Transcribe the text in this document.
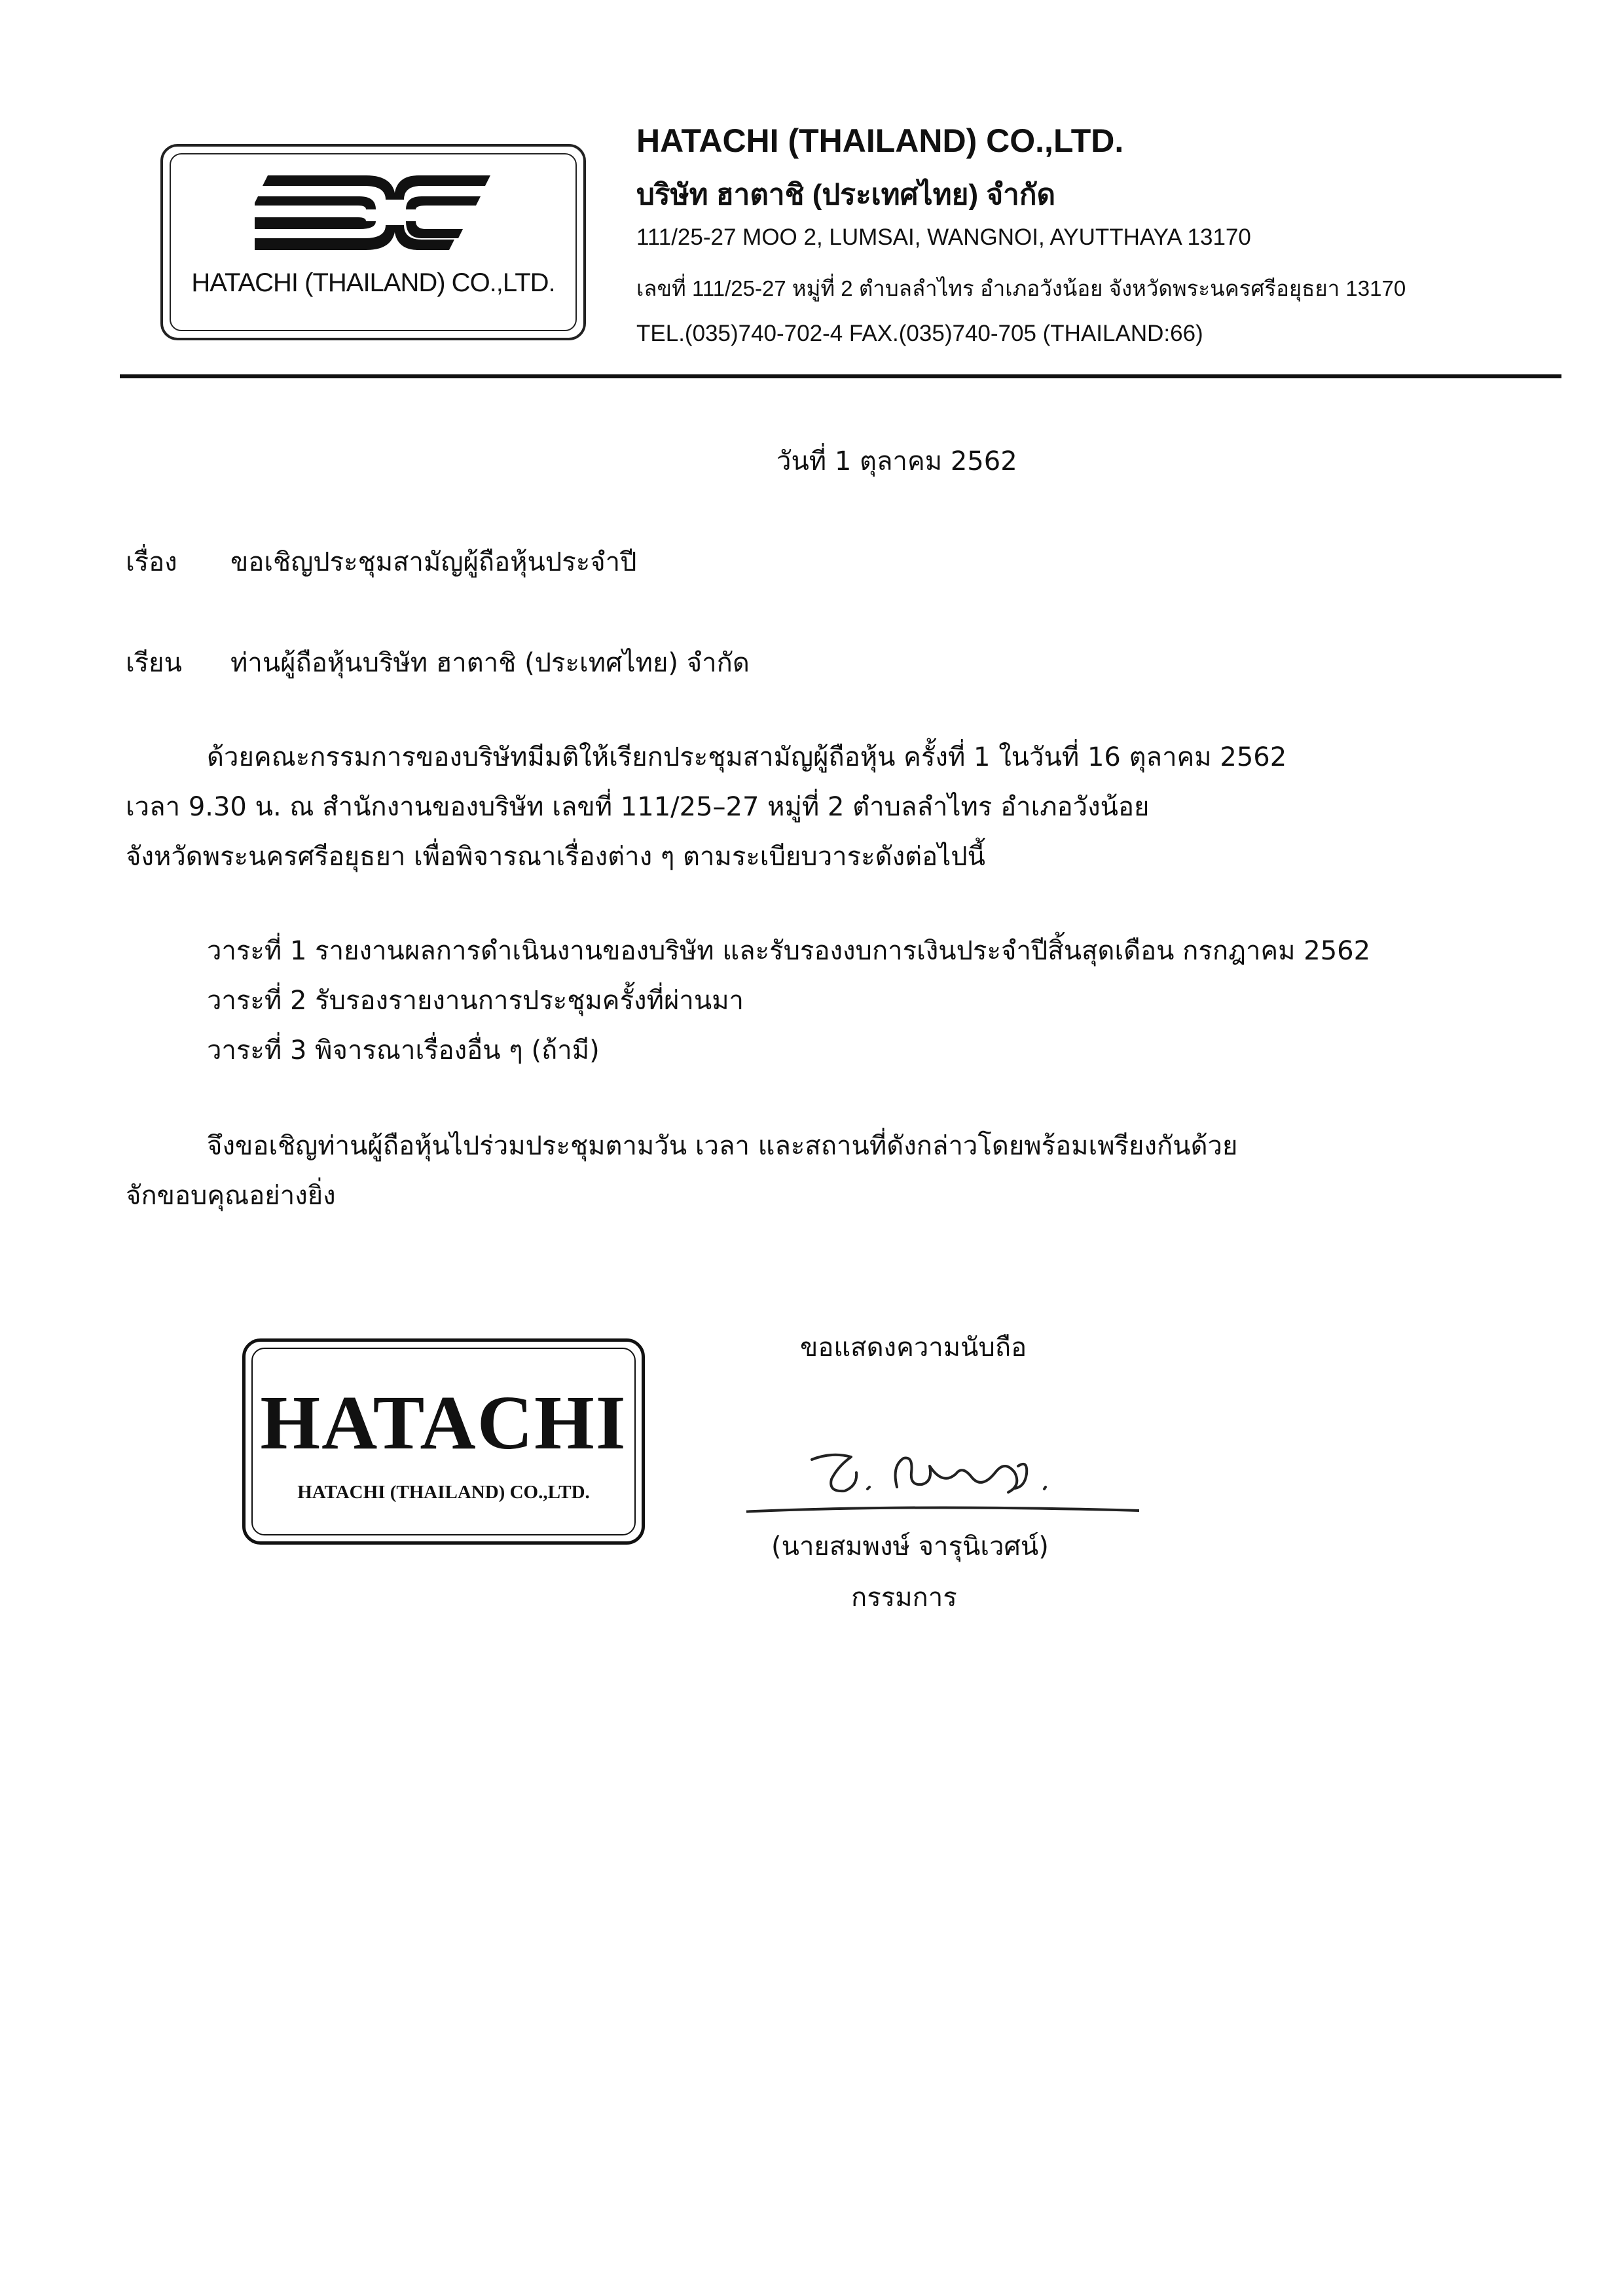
HATACHI (THAILAND) CO.,LTD.
HATACHI (THAILAND) CO.,LTD.
บริษัท ฮาตาชิ (ประเทศไทย) จำกัด
111/25-27 MOO 2, LUMSAI, WANGNOI, AYUTTHAYA 13170
เลขที่ 111/25-27 หมู่ที่ 2 ตำบลลำไทร อำเภอวังน้อย จังหวัดพระนครศรีอยุธยา 13170
TEL.(035)740-702-4 FAX.(035)740-705 (THAILAND:66)
วันที่ 1 ตุลาคม 2562
เรื่อง ขอเชิญประชุมสามัญผู้ถือหุ้นประจำปี
เรียน ท่านผู้ถือหุ้นบริษัท ฮาตาชิ (ประเทศไทย) จำกัด
ด้วยคณะกรรมการของบริษัทมีมติให้เรียกประชุมสามัญผู้ถือหุ้น ครั้งที่ 1 ในวันที่ 16 ตุลาคม 2562
เวลา 9.30 น. ณ สำนักงานของบริษัท เลขที่ 111/25–27 หมู่ที่ 2 ตำบลลำไทร อำเภอวังน้อย
จังหวัดพระนครศรีอยุธยา เพื่อพิจารณาเรื่องต่าง ๆ ตามระเบียบวาระดังต่อไปนี้
วาระที่ 1 รายงานผลการดำเนินงานของบริษัท และรับรองงบการเงินประจำปีสิ้นสุดเดือน กรกฎาคม 2562
วาระที่ 2 รับรองรายงานการประชุมครั้งที่ผ่านมา
วาระที่ 3 พิจารณาเรื่องอื่น ๆ (ถ้ามี)
จึงขอเชิญท่านผู้ถือหุ้นไปร่วมประชุมตามวัน เวลา และสถานที่ดังกล่าวโดยพร้อมเพรียงกันด้วย
จักขอบคุณอย่างยิ่ง
HATACHI
HATACHI (THAILAND) CO.,LTD.
ขอแสดงความนับถือ
(นายสมพงษ์ จารุนิเวศน์)
กรรมการ
